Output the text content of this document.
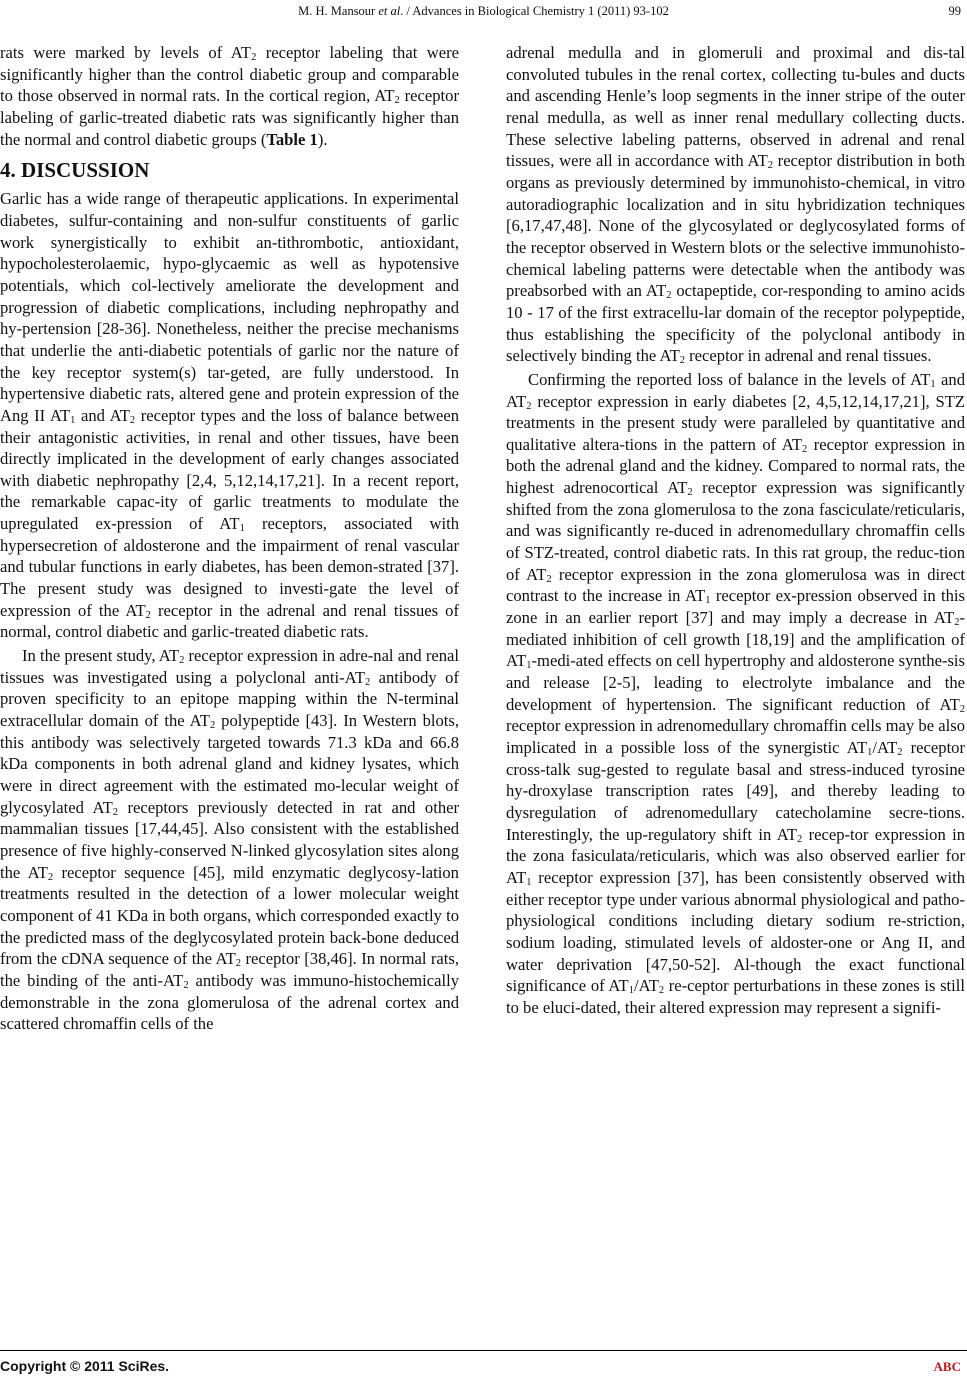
M. H. Mansour et al. / Advances in Biological Chemistry 1 (2011) 93-102	99

rats were marked by levels of $AT_2$ receptor labeling that were significantly higher than the control diabetic group and comparable to those observed in normal rats. In the cortical region, $AT_2$ receptor labeling of garlic-treated diabetic rats was significantly higher than the normal and control diabetic groups (Table 1).

4. DISCUSSION

Garlic has a wide range of therapeutic applications. In experimental diabetes, sulfur-containing and non-sulfur constituents of garlic work synergistically to exhibit an-tithrombotic, antioxidant, hypocholesterolaemic, hypo-glycaemic as well as hypotensive potentials, which col-lectively ameliorate the development and progression of diabetic complications, including nephropathy and hy-pertension [28-36]. Nonetheless, neither the precise mechanisms that underlie the anti-diabetic potentials of garlic nor the nature of the key receptor system(s) tar-geted, are fully understood. In hypertensive diabetic rats, altered gene and protein expression of the Ang II $AT_1$ and $AT_2$ receptor types and the loss of balance between their antagonistic activities, in renal and other tissues, have been directly implicated in the development of early changes associated with diabetic nephropathy [2,4, 5,12,14,17,21]. In a recent report, the remarkable capac-ity of garlic treatments to modulate the upregulated ex-pression of $AT_1$ receptors, associated with hypersecretion of aldosterone and the impairment of renal vascular and tubular functions in early diabetes, has been demon-strated [37]. The present study was designed to investi-gate the level of expression of the $AT_2$ receptor in the adrenal and renal tissues of normal, control diabetic and garlic-treated diabetic rats.

In the present study, $AT_2$ receptor expression in adre-nal and renal tissues was investigated using a polyclonal anti-$AT_2$ antibody of proven specificity to an epitope mapping within the N-terminal extracellular domain of the $AT_2$ polypeptide [43]. In Western blots, this antibody was selectively targeted towards 71.3 kDa and 66.8 kDa components in both adrenal gland and kidney lysates, which were in direct agreement with the estimated mo-lecular weight of glycosylated $AT_2$ receptors previously detected in rat and other mammalian tissues [17,44,45]. Also consistent with the established presence of five highly-conserved N-linked glycosylation sites along the $AT_2$ receptor sequence [45], mild enzymatic deglycosy-lation treatments resulted in the detection of a lower molecular weight component of 41 KDa in both organs, which corresponded exactly to the predicted mass of the deglycosylated protein back-bone deduced from the cDNA sequence of the $AT_2$ receptor [38,46]. In normal rats, the binding of the anti-$AT_2$ antibody was immuno-histochemically demonstrable in the zona glomerulosa of the adrenal cortex and scattered chromaffin cells of the

adrenal medulla and in glomeruli and proximal and dis-tal convoluted tubules in the renal cortex, collecting tu-bules and ducts and ascending Henle’s loop segments in the inner stripe of the outer renal medulla, as well as inner renal medullary collecting ducts. These selective labeling patterns, observed in adrenal and renal tissues, were all in accordance with $AT_2$ receptor distribution in both organs as previously determined by immunohisto-chemical, in vitro autoradiographic localization and in situ hybridization techniques [6,17,47,48]. None of the glycosylated or deglycosylated forms of the receptor observed in Western blots or the selective immunohisto-chemical labeling patterns were detectable when the antibody was preabsorbed with an $AT_2$ octapeptide, cor-responding to amino acids 10 - 17 of the first extracellu-lar domain of the receptor polypeptide, thus establishing the specificity of the polyclonal antibody in selectively binding the $AT_2$ receptor in adrenal and renal tissues.

Confirming the reported loss of balance in the levels of $AT_1$ and $AT_2$ receptor expression in early diabetes [2, 4,5,12,14,17,21], STZ treatments in the present study were paralleled by quantitative and qualitative altera-tions in the pattern of $AT_2$ receptor expression in both the adrenal gland and the kidney. Compared to normal rats, the highest adrenocortical $AT_2$ receptor expression was significantly shifted from the zona glomerulosa to the zona fasciculate/reticularis, and was significantly re-duced in adrenomedullary chromaffin cells of STZ-treated, control diabetic rats. In this rat group, the reduc-tion of $AT_2$ receptor expression in the zona glomerulosa was in direct contrast to the increase in $AT_1$ receptor ex-pression observed in this zone in an earlier report [37] and may imply a decrease in $AT_2$-mediated inhibition of cell growth [18,19] and the amplification of $AT_1-medi$-ated effects on cell hypertrophy and aldosterone synthe-sis and release [2-5], leading to electrolyte imbalance and the development of hypertension. The significant reduction of $AT_2$ receptor expression in adrenomedullary chromaffin cells may be also implicated in a possible loss of the synergistic $AT_1/AT_2$ receptor cross-talk sug-gested to regulate basal and stress-induced tyrosine hy-droxylase transcription rates [49], and thereby leading to dysregulation of adrenomedullary catecholamine secre-tions. Interestingly, the up-regulatory shift in $AT_2$ recep-tor expression in the zona fasiculata/reticularis, which was also observed earlier for $AT_1$ receptor expression [37], has been consistently observed with either receptor type under various abnormal physiological and patho-physiological conditions including dietary sodium re-striction, sodium loading, stimulated levels of aldoster-one or Ang II, and water deprivation [47,50-52]. Al-though the exact functional significance of $AT_1/AT_2$ re-ceptor perturbations in these zones is still to be eluci-dated, their altered expression may represent a signifi-

Copyright © 2011 SciRes.	ABC
